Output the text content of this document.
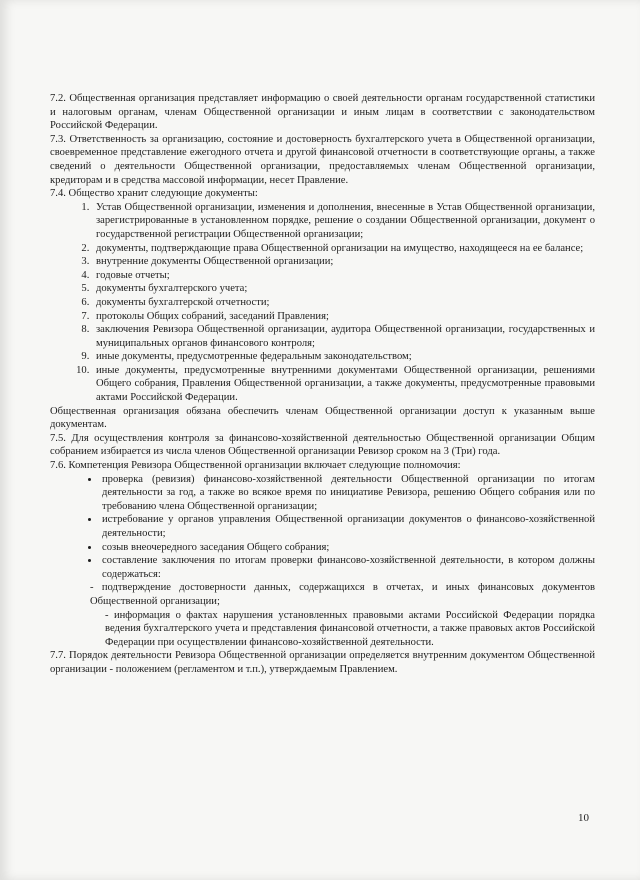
7.2. Общественная организация представляет информацию о своей деятельности органам государственной статистики и налоговым органам, членам Общественной организации и иным лицам в соответствии с законодательством Российской Федерации.

7.3. Ответственность за организацию, состояние и достоверность бухгалтерского учета в Общественной организации, своевременное представление ежегодного отчета и другой финансовой отчетности в соответствующие органы, а также сведений о деятельности Общественной организации, предоставляемых членам Общественной организации, кредиторам и в средства массовой информации, несет Правление.

7.4. Общество хранит следующие документы:

1. Устав Общественной организации, изменения и дополнения, внесенные в Устав Общественной организации, зарегистрированные в установленном порядке, решение о создании Общественной организации, документ о государственной регистрации Общественной организации;
2. документы, подтверждающие права Общественной организации на имущество, находящееся на ее балансе;
3. внутренние документы Общественной организации;
4. годовые отчеты;
5. документы бухгалтерского учета;
6. документы бухгалтерской отчетности;
7. протоколы Общих собраний, заседаний Правления;
8. заключения Ревизора Общественной организации, аудитора Общественной организации, государственных и муниципальных органов финансового контроля;
9. иные документы, предусмотренные федеральным законодательством;
10. иные документы, предусмотренные внутренними документами Общественной организации, решениями Общего собрания, Правления Общественной организации, а также документы, предусмотренные правовыми актами Российской Федерации.

Общественная организация обязана обеспечить членам Общественной организации доступ к указанным выше документам.

7.5. Для осуществления контроля за финансово-хозяйственной деятельностью Общественной организации Общим собранием избирается из числа членов Общественной организации Ревизор сроком на 3 (Три) года.

7.6. Компетенция Ревизора Общественной организации включает следующие полномочия:

• проверка (ревизия) финансово-хозяйственной деятельности Общественной организации по итогам деятельности за год, а также во всякое время по инициативе Ревизора, решению Общего собрания или по требованию члена Общественной организации;
• истребование у органов управления Общественной организации документов о финансово-хозяйственной деятельности;
• созыв внеочередного заседания Общего собрания;
• составление заключения по итогам проверки финансово-хозяйственной деятельности, в котором должны содержаться:

- подтверждение достоверности данных, содержащихся в отчетах, и иных финансовых документов Общественной организации;

- информация о фактах нарушения установленных правовыми актами Российской Федерации порядка ведения бухгалтерского учета и представления финансовой отчетности, а также правовых актов Российской Федерации при осуществлении финансово-хозяйственной деятельности.

7.7. Порядок деятельности Ревизора Общественной организации определяется внутренним документом Общественной организации - положением (регламентом и т.п.), утверждаемым Правлением.

10
